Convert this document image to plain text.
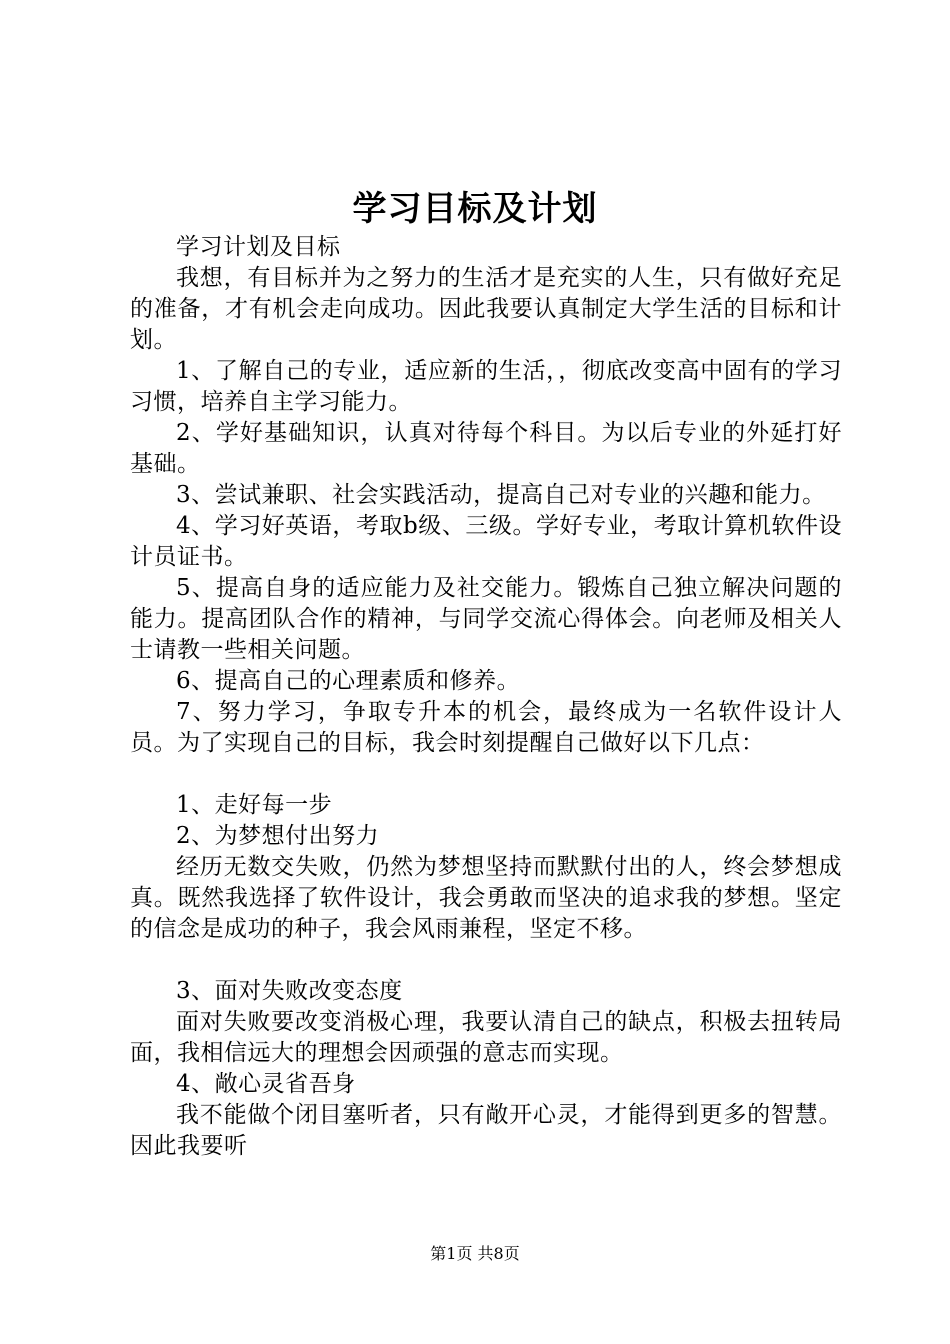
学习目标及计划

学习计划及目标

我想，有目标并为之努力的生活才是充实的人生，只有做好充足的准备，才有机会走向成功。因此我要认真制定大学生活的目标和计划。

1、了解自己的专业，适应新的生活，，彻底改变高中固有的学习习惯，培养自主学习能力。

2、学好基础知识，认真对待每个科目。为以后专业的外延打好基础。

3、尝试兼职、社会实践活动，提高自己对专业的兴趣和能力。

4、学习好英语，考取b级、三级。学好专业，考取计算机软件设计员证书。

5、提高自身的适应能力及社交能力。锻炼自己独立解决问题的能力。提高团队合作的精神，与同学交流心得体会。向老师及相关人士请教一些相关问题。

6、提高自己的心理素质和修养。

7、努力学习，争取专升本的机会，最终成为一名软件设计人员。为了实现自己的目标，我会时刻提醒自己做好以下几点：

1、走好每一步

2、为梦想付出努力

经历无数交失败，仍然为梦想坚持而默默付出的人，终会梦想成真。既然我选择了软件设计，我会勇敢而坚决的追求我的梦想。坚定的信念是成功的种子，我会风雨兼程，坚定不移。

3、面对失败改变态度

面对失败要改变消极心理，我要认清自己的缺点，积极去扭转局面，我相信远大的理想会因顽强的意志而实现。

4、敞心灵省吾身

我不能做个闭目塞听者，只有敞开心灵，才能得到更多的智慧。因此我要听

第1页 共8页
